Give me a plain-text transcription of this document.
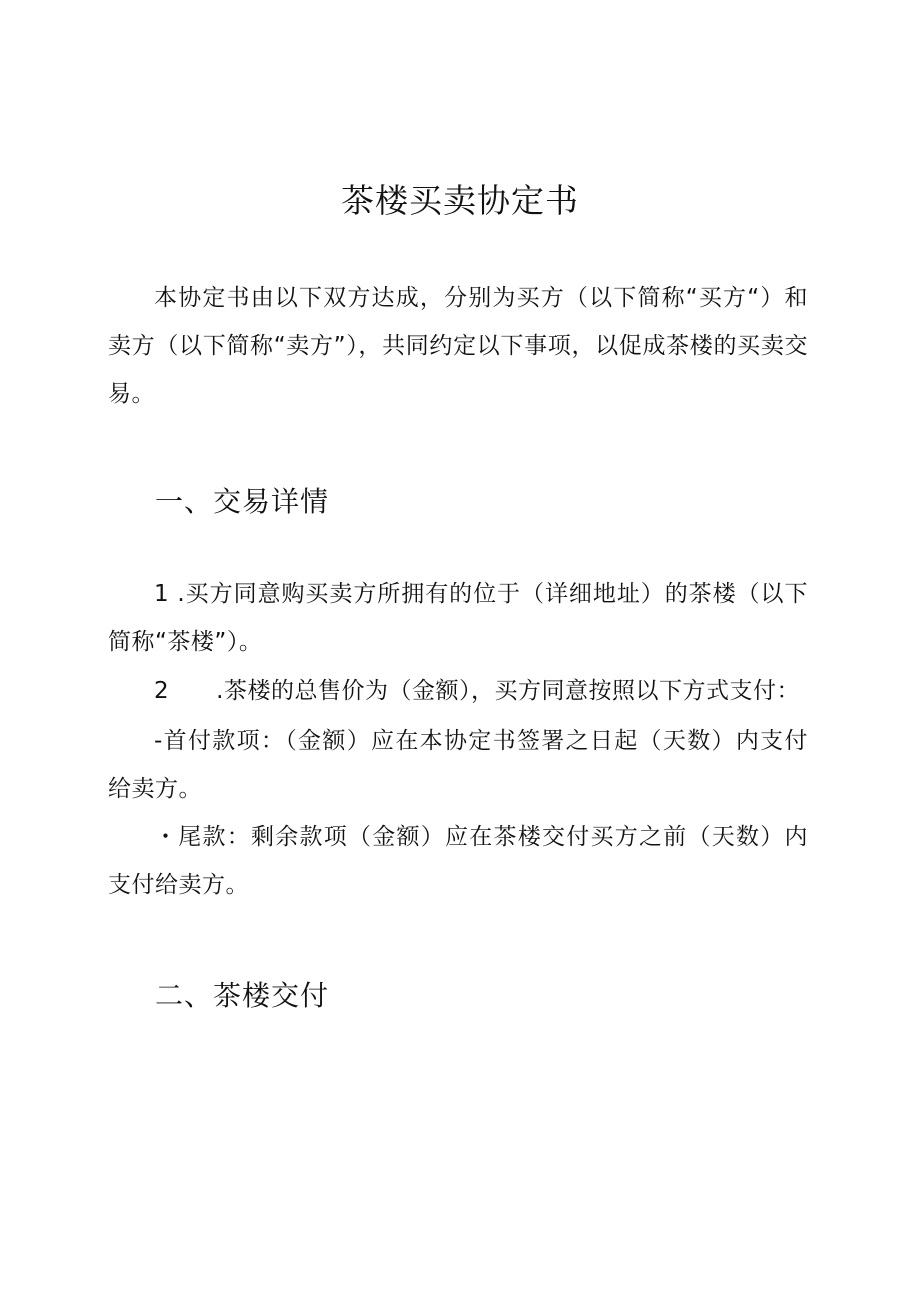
茶楼买卖协定书
本协定书由以下双方达成，分别为买方（以下简称“买方“）和卖方（以下简称“卖方”），共同约定以下事项，以促成茶楼的买卖交易。
一、交易详情
1 .买方同意购买卖方所拥有的位于（详细地址）的茶楼（以下简称“茶楼”）。
2　　.茶楼的总售价为（金额），买方同意按照以下方式支付：
-首付款项：（金额）应在本协定书签署之日起（天数）内支付给卖方。
・尾款：剩余款项（金额）应在茶楼交付买方之前（天数）内支付给卖方。
二、茶楼交付
